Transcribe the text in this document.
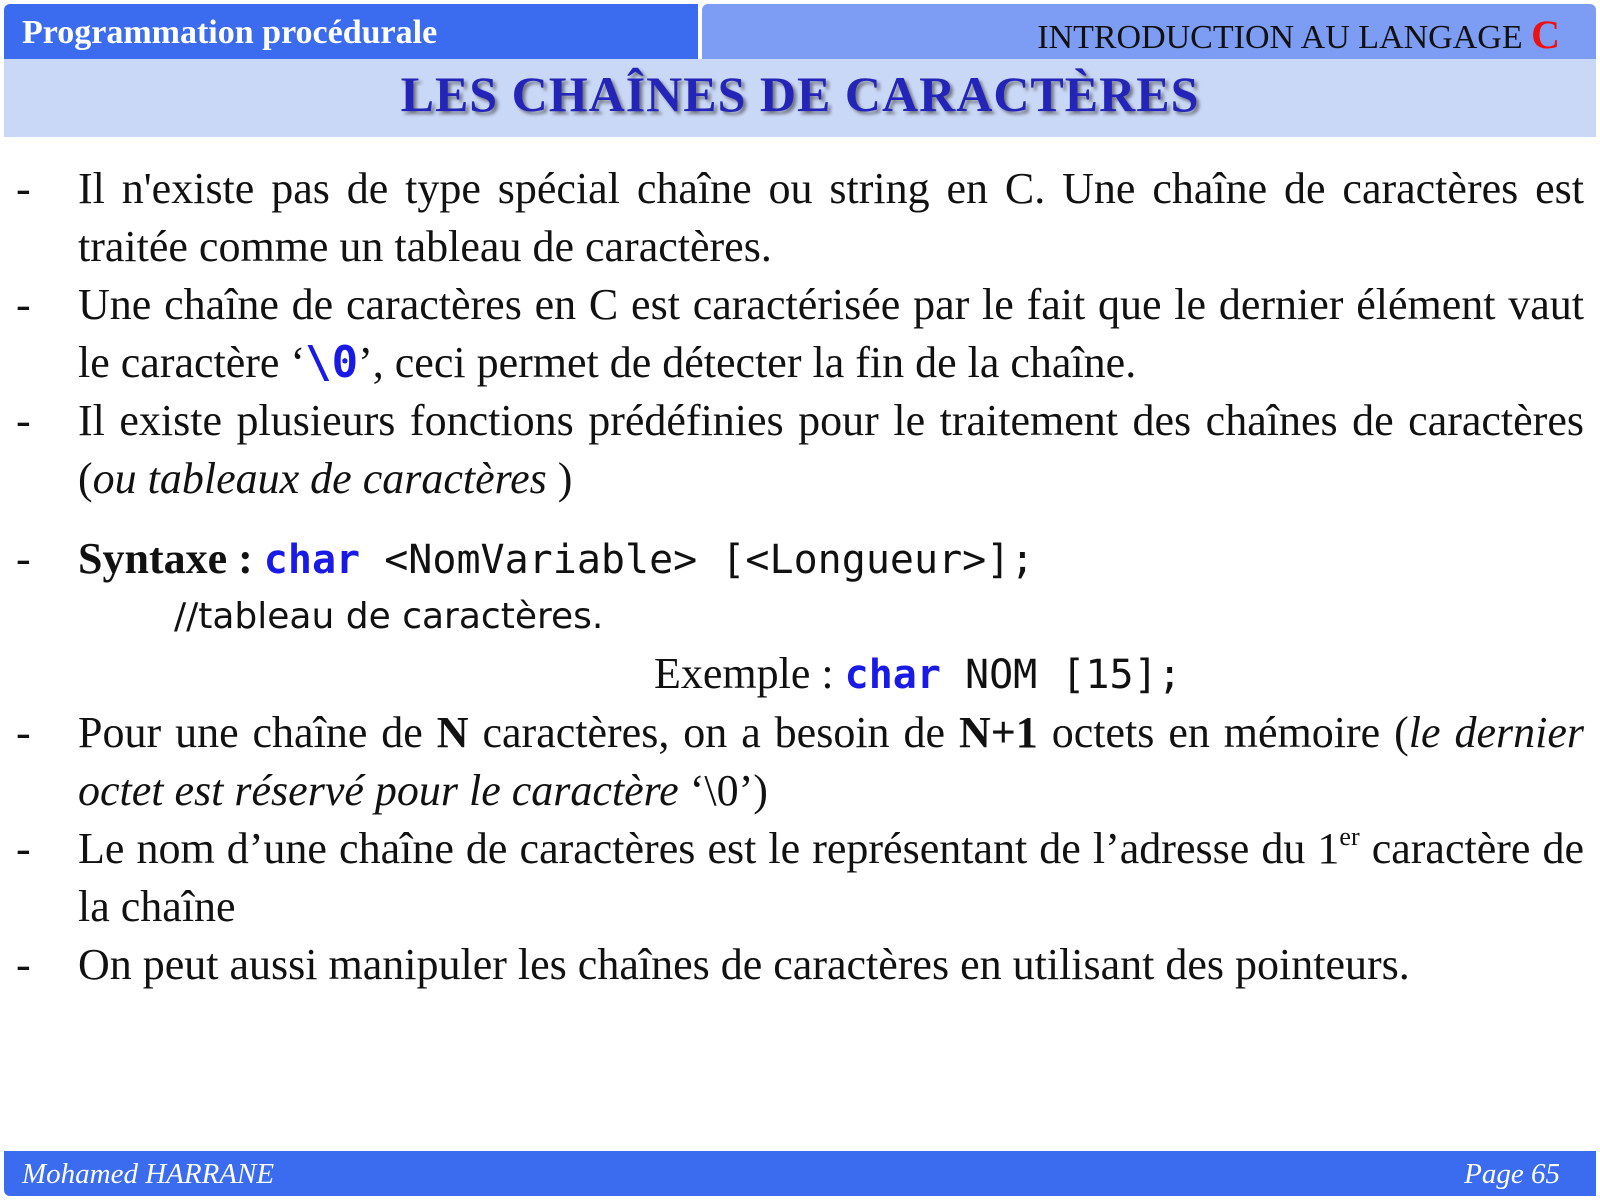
Programmation procédurale	INTRODUCTION AU LANGAGE C
LES CHAÎNES DE CARACTÈRES
-	Il n'existe pas de type spécial chaîne ou string en C. Une chaîne de caractères est traitée comme un tableau de caractères.
-	Une chaîne de caractères en C est caractérisée par le fait que le dernier élément vaut le caractère ‘\0’, ceci permet de détecter la fin de la chaîne.
-	Il existe plusieurs fonctions prédéfinies pour le traitement des chaînes de caractères (ou tableaux de caractères )
-	Syntaxe : char <NomVariable> [<Longueur>];
//tableau de caractères.
Exemple : char NOM [15];
-	Pour une chaîne de N caractères, on a besoin de N+1 octets en mémoire (le dernier octet est réservé pour le caractère ‘\0’)
-	Le nom d’une chaîne de caractères est le représentant de l’adresse du 1er caractère de la chaîne
-	On peut aussi manipuler les chaînes de caractères en utilisant des pointeurs.
Mohamed HARRANE	Page 65
